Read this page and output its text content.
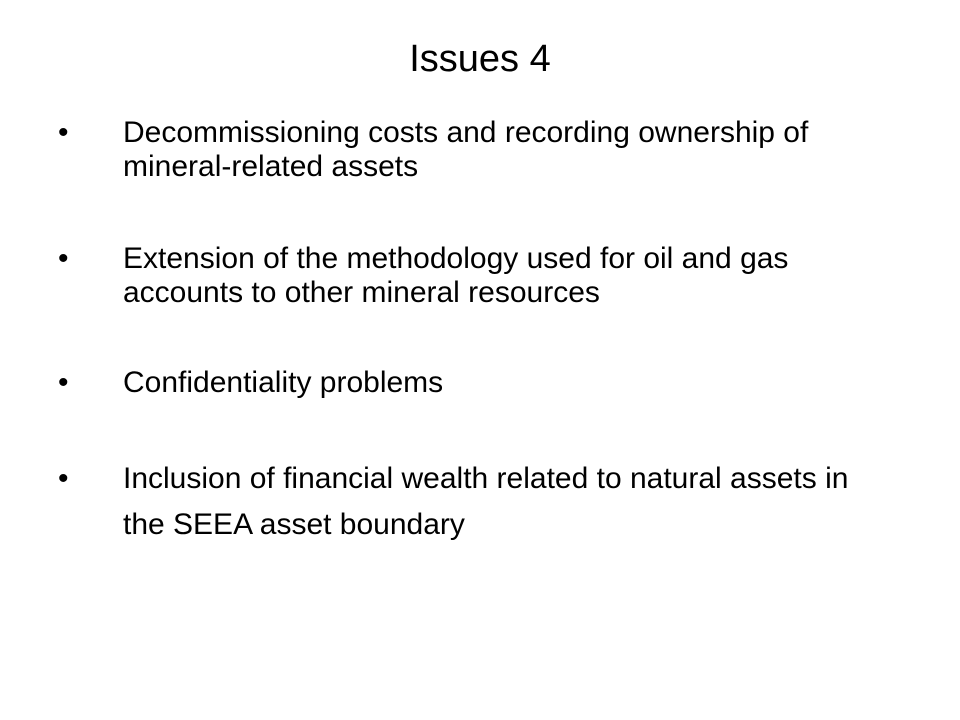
Issues 4
• Decommissioning costs and recording ownership of mineral-related assets
• Extension of the methodology used for oil and gas accounts to other mineral resources
• Confidentiality problems
• Inclusion of financial wealth related to natural assets in the SEEA asset boundary
